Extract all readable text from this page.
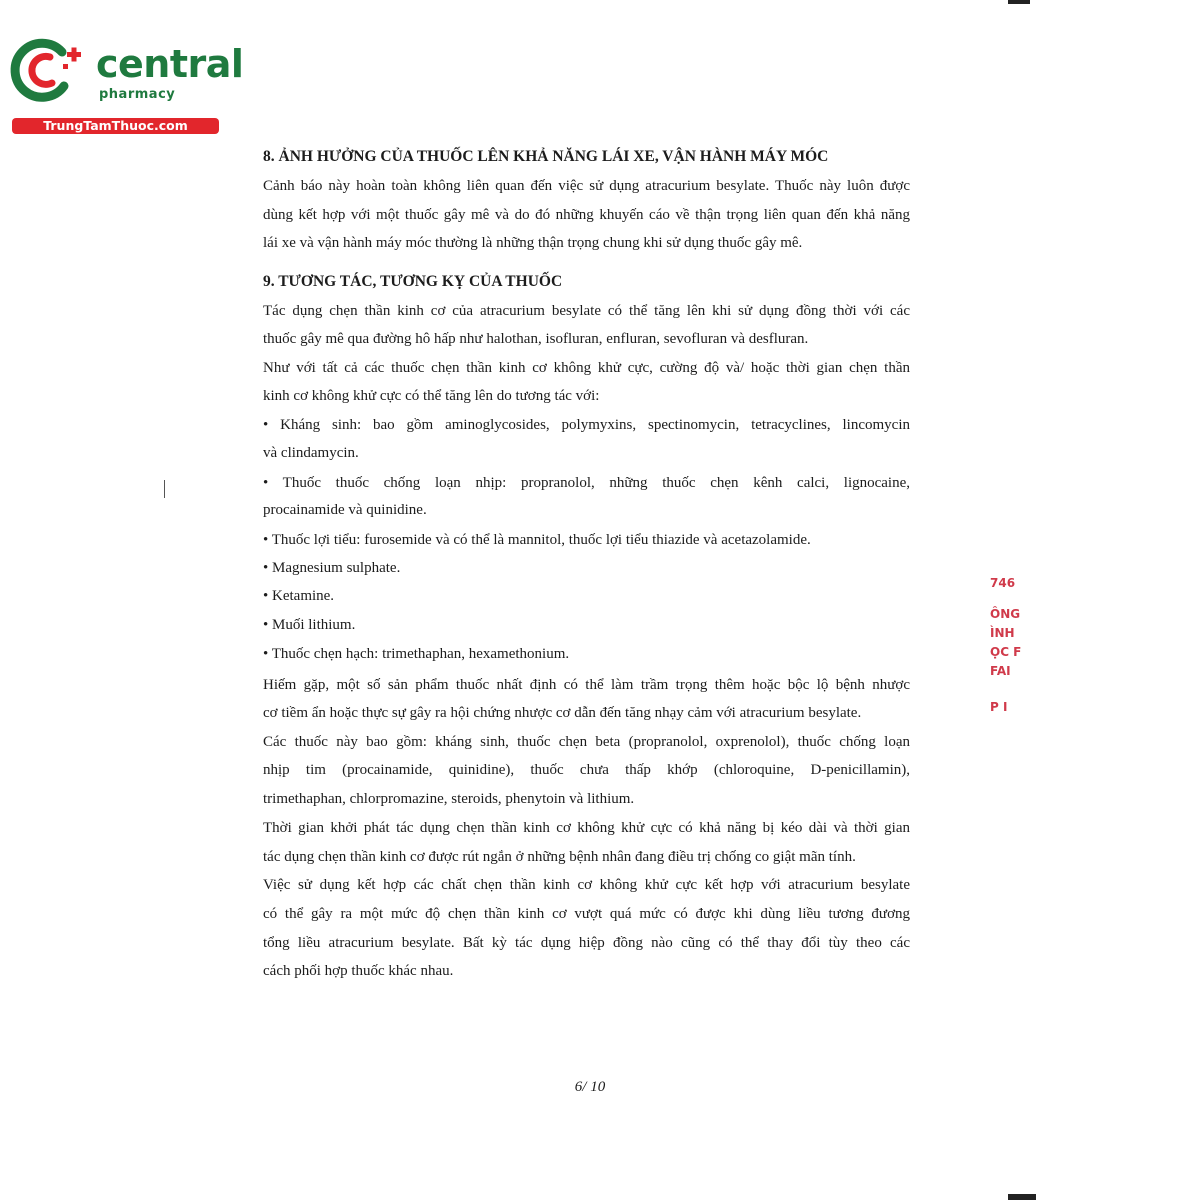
central
pharmacy
TrungTamThuoc.com
8. ẢNH HƯỞNG CỦA THUỐC LÊN KHẢ NĂNG LÁI XE, VẬN HÀNH MÁY MÓC
Cảnh báo này hoàn toàn không liên quan đến việc sử dụng atracurium besylate. Thuốc này luôn được
dùng kết hợp với một thuốc gây mê và do đó những khuyến cáo về thận trọng liên quan đến khả năng
lái xe và vận hành máy móc thường là những thận trọng chung khi sử dụng thuốc gây mê.
9. TƯƠNG TÁC, TƯƠNG KỴ CỦA THUỐC
Tác dụng chẹn thần kinh cơ của atracurium besylate có thể tăng lên khi sử dụng đồng thời với các
thuốc gây mê qua đường hô hấp như halothan, isofluran, enfluran, sevofluran và desfluran.
Như với tất cả các thuốc chẹn thần kinh cơ không khử cực, cường độ và/ hoặc thời gian chẹn thần
kinh cơ không khử cực có thể tăng lên do tương tác với:
• Kháng sinh: bao gồm aminoglycosides, polymyxins, spectinomycin, tetracyclines, lincomycin
và clindamycin.
• Thuốc thuốc chống loạn nhịp: propranolol, những thuốc chẹn kênh calci, lignocaine,
procainamide và quinidine.
• Thuốc lợi tiểu: furosemide và có thể là mannitol, thuốc lợi tiểu thiazide và acetazolamide.
• Magnesium sulphate.
• Ketamine.
• Muối lithium.
• Thuốc chẹn hạch: trimethaphan, hexamethonium.
Hiếm gặp, một số sản phẩm thuốc nhất định có thể làm trầm trọng thêm hoặc bộc lộ bệnh nhược
cơ tiềm ẩn hoặc thực sự gây ra hội chứng nhược cơ dẫn đến tăng nhạy cảm với atracurium besylate.
Các thuốc này bao gồm: kháng sinh, thuốc chẹn beta (propranolol, oxprenolol), thuốc chống loạn
nhịp tim (procainamide, quinidine), thuốc chưa thấp khớp (chloroquine, D-penicillamin),
trimethaphan, chlorpromazine, steroids, phenytoin và lithium.
Thời gian khởi phát tác dụng chẹn thần kinh cơ không khử cực có khả năng bị kéo dài và thời gian
tác dụng chẹn thần kinh cơ được rút ngắn ở những bệnh nhân đang điều trị chống co giật mãn tính.
Việc sử dụng kết hợp các chất chẹn thần kinh cơ không khử cực kết hợp với atracurium besylate
có thể gây ra một mức độ chẹn thần kinh cơ vượt quá mức có được khi dùng liều tương đương
tổng liều atracurium besylate. Bất kỳ tác dụng hiệp đồng nào cũng có thể thay đổi tùy theo các
cách phối hợp thuốc khác nhau.
6/ 10
746
ÔNG
ÌNH
ỌC F
FAI
P I
